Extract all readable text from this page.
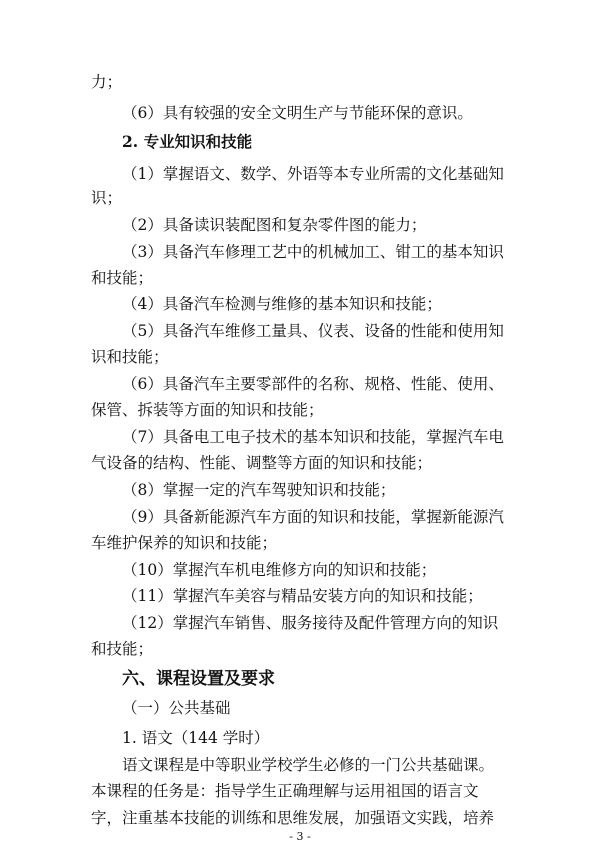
力；
（6）具有较强的安全文明生产与节能环保的意识。
2. 专业知识和技能
（1）掌握语文、数学、外语等本专业所需的文化基础知
识；
（2）具备读识装配图和复杂零件图的能力；
（3）具备汽车修理工艺中的机械加工、钳工的基本知识
和技能；
（4）具备汽车检测与维修的基本知识和技能；
（5）具备汽车维修工量具、仪表、设备的性能和使用知
识和技能；
（6）具备汽车主要零部件的名称、规格、性能、使用、
保管、拆装等方面的知识和技能；
（7）具备电工电子技术的基本知识和技能，掌握汽车电
气设备的结构、性能、调整等方面的知识和技能；
（8）掌握一定的汽车驾驶知识和技能；
（9）具备新能源汽车方面的知识和技能，掌握新能源汽
车维护保养的知识和技能；
（10）掌握汽车机电维修方向的知识和技能；
（11）掌握汽车美容与精品安装方向的知识和技能；
（12）掌握汽车销售、服务接待及配件管理方向的知识
和技能；
六、课程设置及要求
（一）公共基础
1. 语文（144 学时）
语文课程是中等职业学校学生必修的一门公共基础课。
本课程的任务是：指导学生正确理解与运用祖国的语言文
字，注重基本技能的训练和思维发展，加强语文实践，培养
- 3 -
